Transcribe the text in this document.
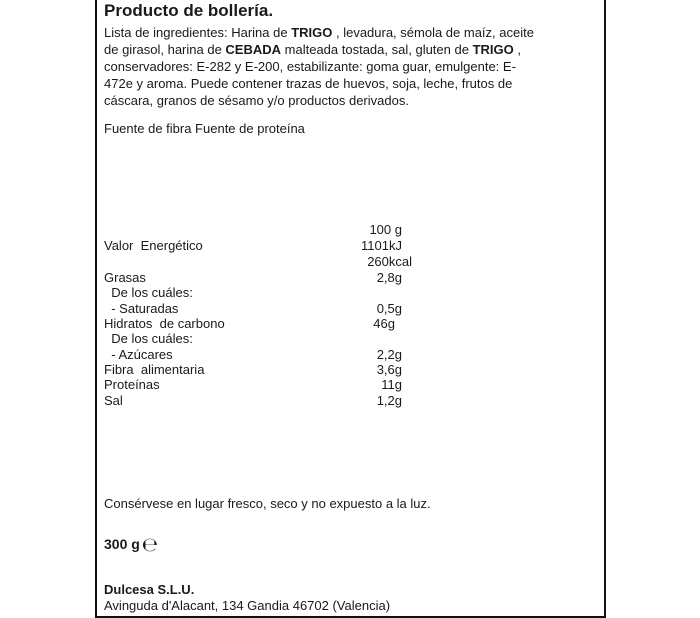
Producto de bollería.
Lista de ingredientes: Harina de TRIGO , levadura, sémola de maíz, aceite de girasol, harina de CEBADA malteada tostada, sal, gluten de TRIGO , conservadores: E-282 y E-200, estabilizante: goma guar, emulgente: E-472e y aroma. Puede contener trazas de huevos, soja, leche, frutos de cáscara, granos de sésamo y/o productos derivados.
Fuente de fibra Fuente de proteína
100 g
Valor  Energético	1101kJ
260kcal
Grasas	2,8g
De los cuáles:
- Saturadas	0,5g
Hidratos  de carbono	46g
De los cuáles:
- Azúcares	2,2g
Fibra  alimentaria	3,6g
Proteínas	11g
Sal	1,2g
Consérvese en lugar fresco, seco y no expuesto a la luz.
300 g ℮
Dulcesa S.L.U.
Avinguda d'Alacant, 134 Gandia 46702 (Valencia)
